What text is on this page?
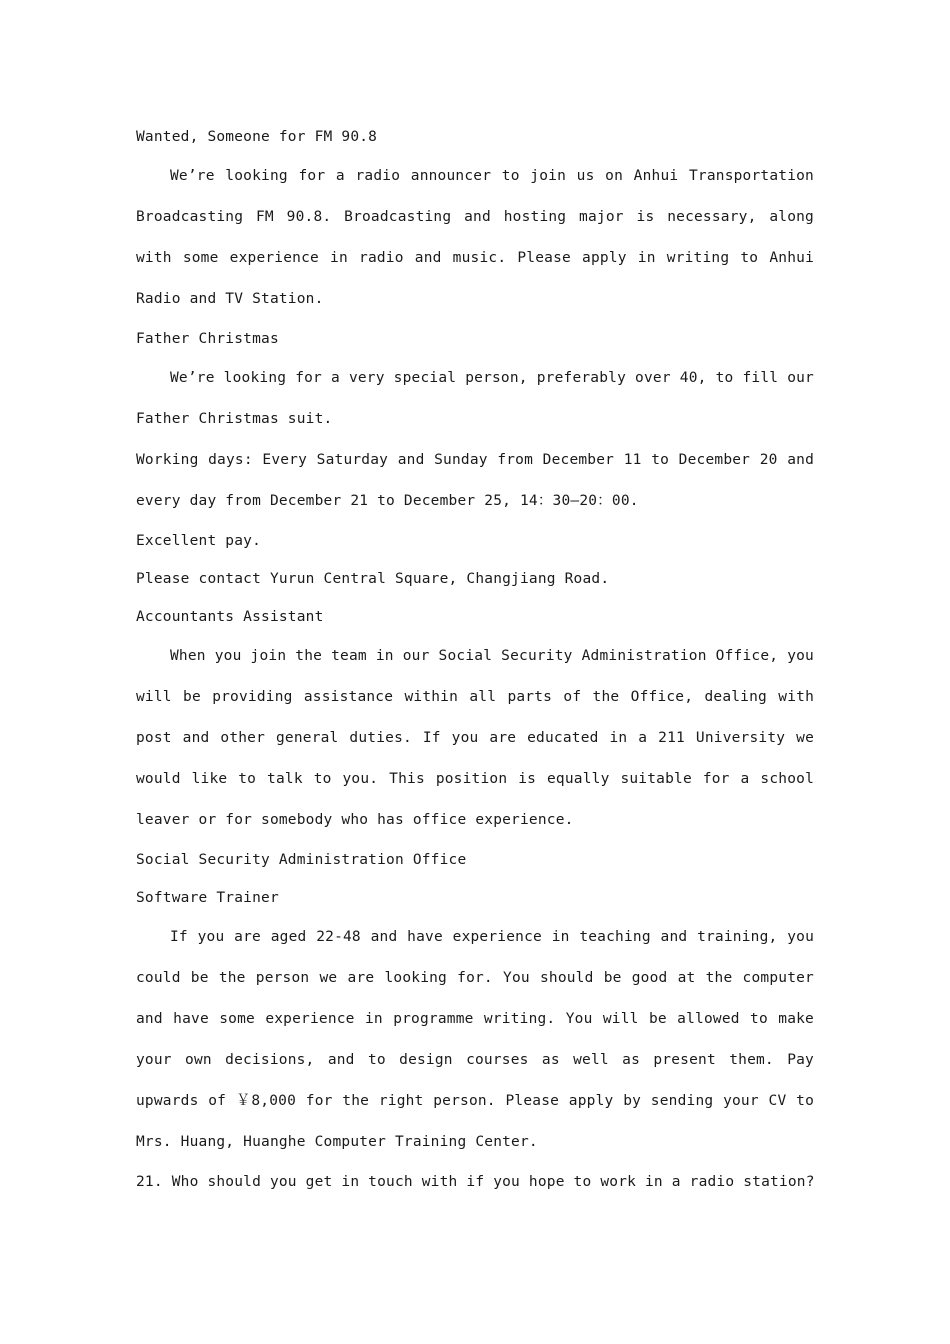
Wanted, Someone for FM 90.8

We’re looking for a radio announcer to join us on Anhui Transportation Broadcasting FM 90.8. Broadcasting and hosting major is necessary, along with some experience in radio and music. Please apply in writing to Anhui Radio and TV Station.

Father Christmas

We’re looking for a very special person, preferably over 40, to fill our Father Christmas suit.

Working days: Every Saturday and Sunday from December 11 to December 20 and every day from December 21 to December 25, 14：30—20：00.

Excellent pay.
Please contact Yurun Central Square, Changjiang Road.
Accountants Assistant

When you join the team in our Social Security Administration Office, you will be providing assistance within all parts of the Office, dealing with post and other general duties. If you are educated in a 211 University we would like to talk to you. This position is equally suitable for a school leaver or for somebody who has office experience.

Social Security Administration Office
Software Trainer

If you are aged 22-48 and have experience in teaching and training, you could be the person we are looking for. You should be good at the computer and have some experience in programme writing. You will be allowed to make your own decisions, and to design courses as well as present them. Pay upwards of ￥8,000 for the right person. Please apply by sending your CV to Mrs. Huang, Huanghe Computer Training Center.

21. Who should you get in touch with if you hope to work in a radio station?
